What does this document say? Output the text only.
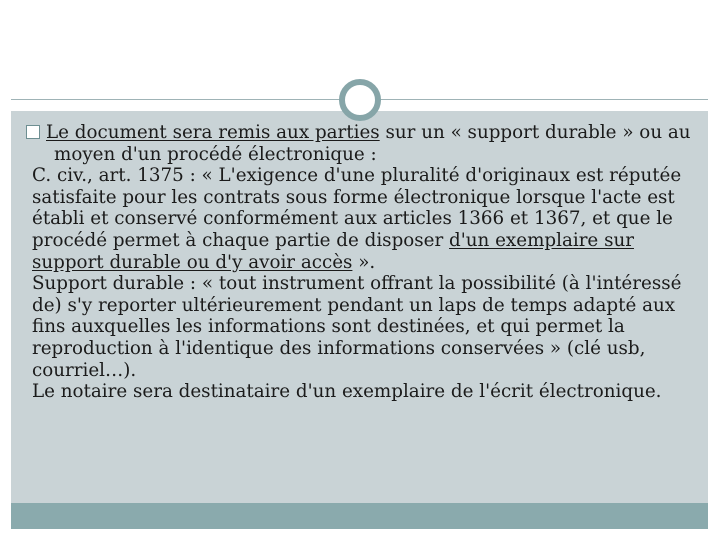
Le document sera remis aux parties sur un « support durable » ou au moyen d'un procédé électronique :

C. civ., art. 1375 : « L'exigence d'une pluralité d'originaux est réputée satisfaite pour les contrats sous forme électronique lorsque l'acte est établi et conservé conformément aux articles 1366 et 1367, et que le procédé permet à chaque partie de disposer d'un exemplaire sur support durable ou d'y avoir accès ».

Support durable : « tout instrument offrant la possibilité (à l'intéressé de) s'y reporter ultérieurement pendant un laps de temps adapté aux fins auxquelles les informations sont destinées, et qui permet la reproduction à l'identique des informations conservées » (clé usb, courriel…).

Le notaire sera destinataire d'un exemplaire de l'écrit électronique.
